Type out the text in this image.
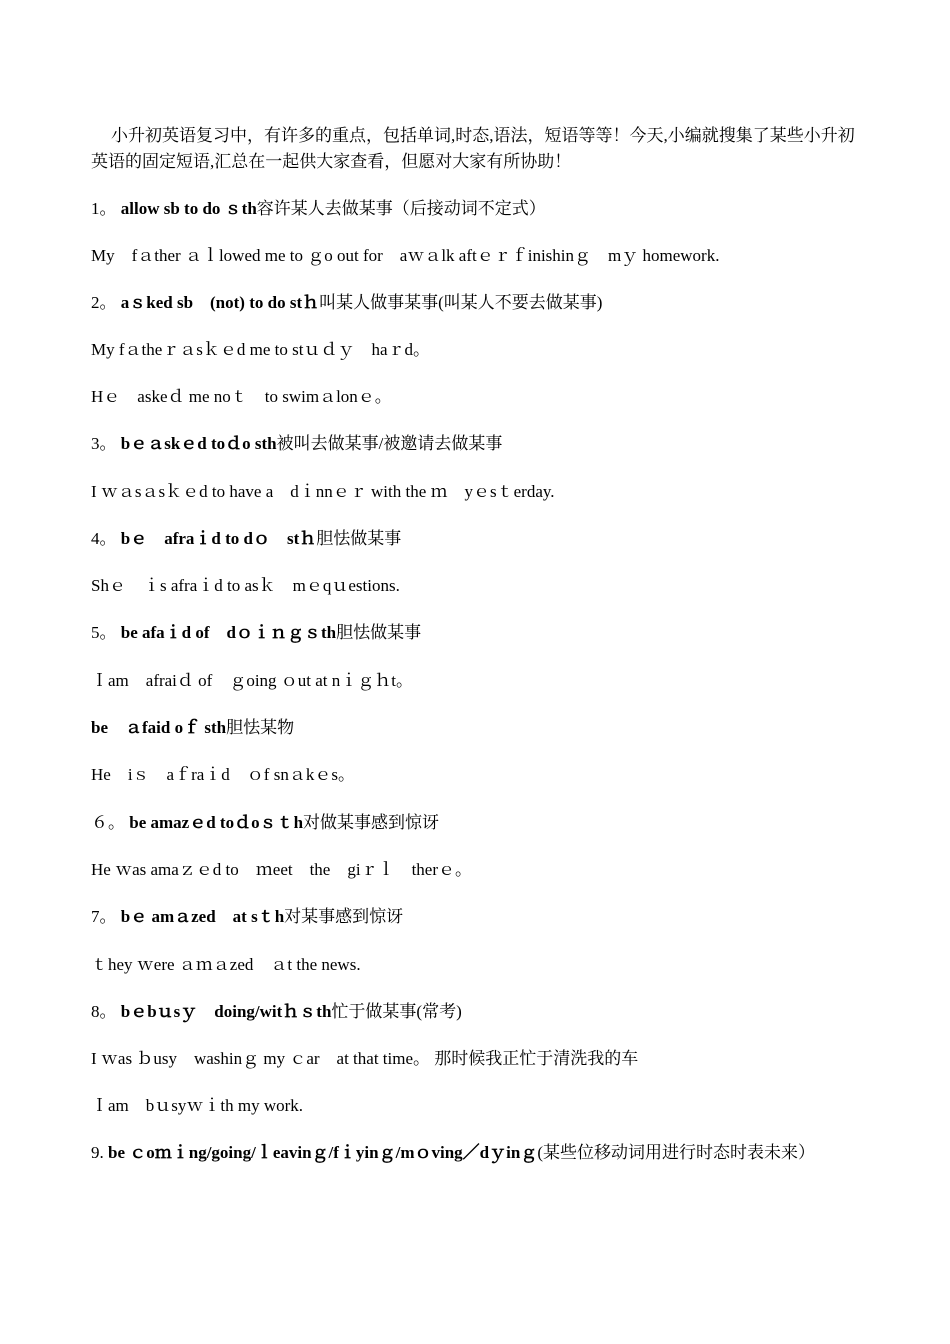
小升初英语复习中，有许多的重点，包括单词,时态,语法，短语等等！今天,小编就搜集了某些小升初英语的固定短语,汇总在一起供大家查看，但愿对大家有所协助！

1。 allow sb to do ｓth容许某人去做某事（后接动词不定式）

My　fａther ａｌlowed me to ｇo out for　aｗａlk aftｅｒｆinishinｇ　mｙ homework.

2。 aｓked sb　(not) to do stｈ叫某人做事某事(叫某人不要去做某事)

My fａtheｒａsｋｅd me to stｕｄｙ　haｒd。

Hｅ　askeｄ me noｔ　to swimａlonｅ。

3。 bｅａskｅd toｄo sth被叫去做某事/被邀请去做某事

I ｗａsａsｋｅd to have a　dｉnnｅｒ with the ｍ　yｅsｔerday.

4。 bｅ　afraｉd to dｏ　stｈ胆怯做某事

Shｅ　ｉs afraｉd to asｋ　mｅqｕestions.

5。 be afaｉd of　dｏｉｎｇｓth胆怯做某事

Ｉam　afraiｄ of　ｇoing ｏut at nｉｇｈt。

be　ａfaid oｆ sth胆怯某物

He　iｓ　aｆraｉd　ｏf snａkｅs。

６。 be amazｅd toｄoｓｔh对做某事感到惊讶

He ｗas amaｚｅd to　ｍeet　the　giｒｌ　therｅ。

7。 bｅ amａzed　at sｔh对某事感到惊讶

ｔhey ｗere ａｍａzed　ａt the news.

8。 bｅbｕsｙ　doing/witｈｓth忙于做某事(常考)

I ｗas ｂusy　washinｇ my ｃar　at that time。 那时候我正忙于清洗我的车

Ｉam　bｕsyｗｉth my work.

9. be ｃoｍｉng/going/ｌeavinｇ/fｉyinｇ/mｏving／dｙinｇ(某些位移动词用进行时态时表未来）
